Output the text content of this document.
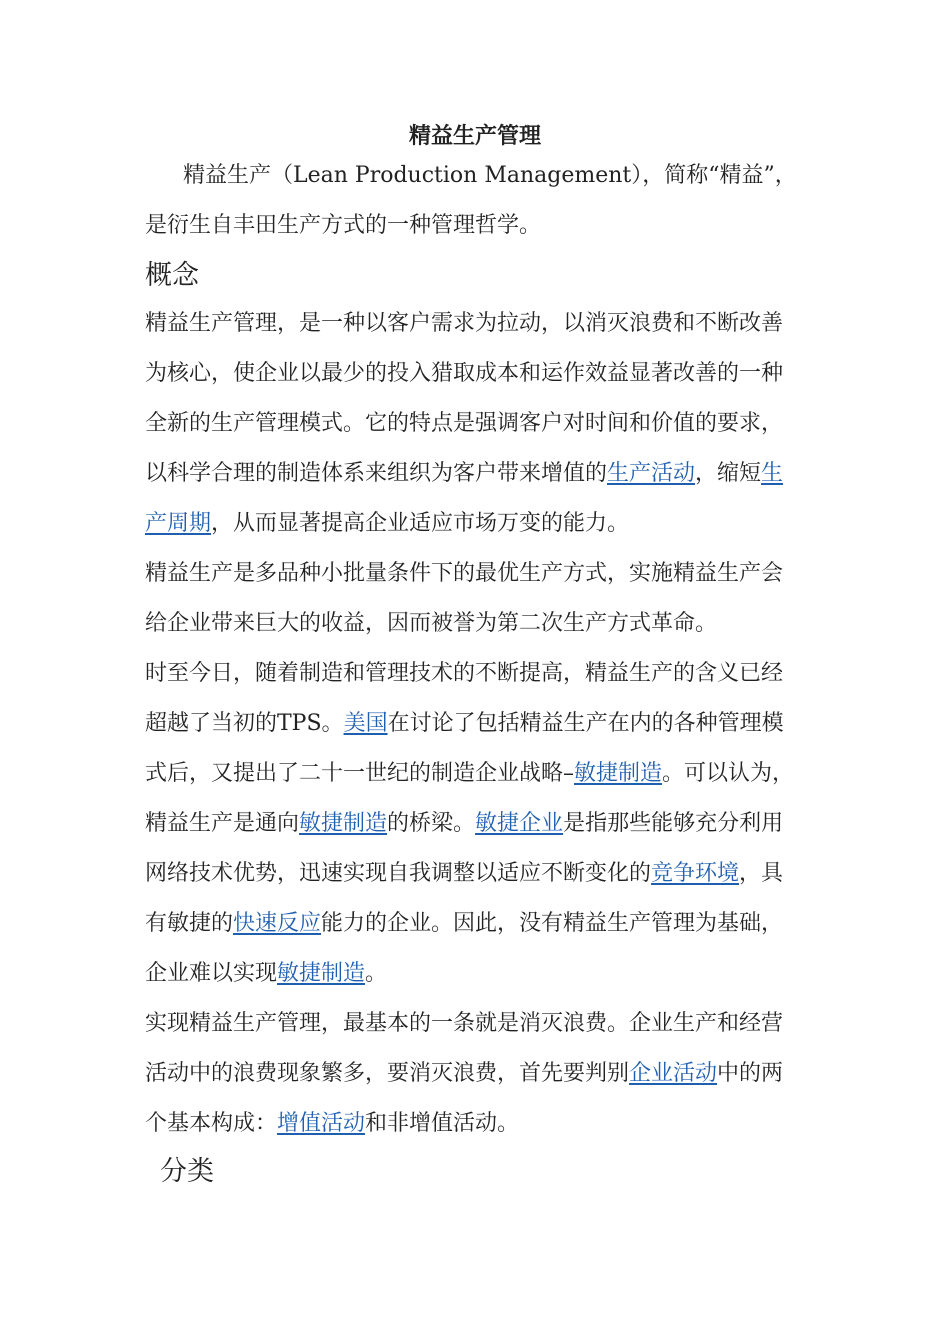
精益生产管理
精益生产（Lean Production Management），简称“精益”，
是衍生自丰田生产方式的一种管理哲学。
概念
精益生产管理，是一种以客户需求为拉动，以消灭浪费和不断改善
为核心，使企业以最少的投入猎取成本和运作效益显著改善的一种
全新的生产管理模式。它的特点是强调客户对时间和价值的要求，
以科学合理的制造体系来组织为客户带来增值的生产活动，缩短生
产周期，从而显著提高企业适应市场万变的能力。
精益生产是多品种小批量条件下的最优生产方式，实施精益生产会
给企业带来巨大的收益，因而被誉为第二次生产方式革命。
时至今日，随着制造和管理技术的不断提高，精益生产的含义已经
超越了当初的TPS。美国在讨论了包括精益生产在内的各种管理模
式后，又提出了二十一世纪的制造企业战略–敏捷制造。可以认为，
精益生产是通向敏捷制造的桥梁。敏捷企业是指那些能够充分利用
网络技术优势，迅速实现自我调整以适应不断变化的竞争环境，具
有敏捷的快速反应能力的企业。因此，没有精益生产管理为基础，
企业难以实现敏捷制造。
实现精益生产管理，最基本的一条就是消灭浪费。企业生产和经营
活动中的浪费现象繁多，要消灭浪费，首先要判别企业活动中的两
个基本构成：增值活动和非增值活动。
分类
